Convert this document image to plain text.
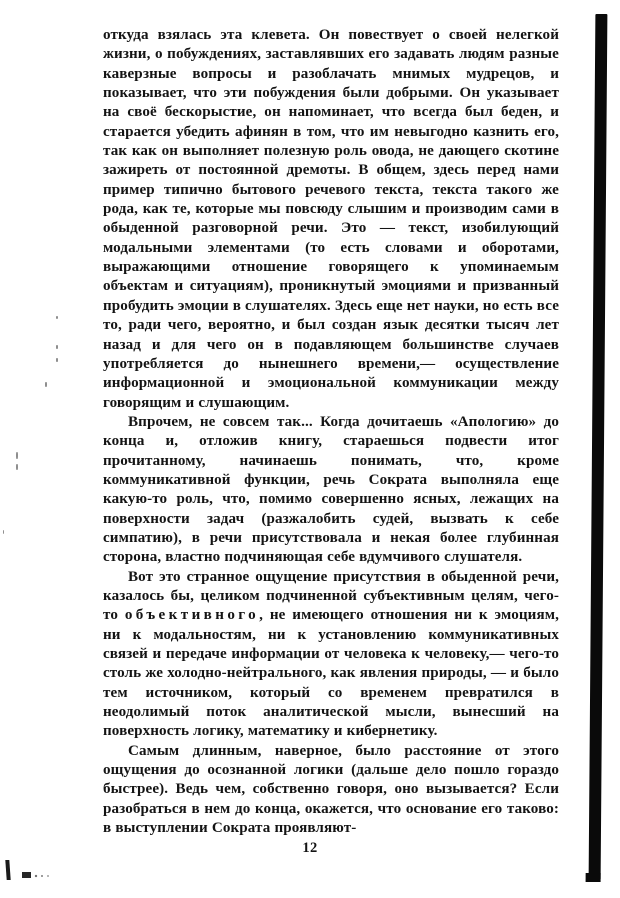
откуда взялась эта клевета. Он повествует о своей нелегкой жизни, о побуждениях, заставлявших его задавать людям разные каверзные вопросы и разоблачать мнимых мудрецов, и показывает, что эти побуждения были добрыми. Он указывает на своё бескорыстие, он напоминает, что всегда был беден, и старается убедить афинян в том, что им невыгодно казнить его, так как он выполняет полезную роль овода, не дающего скотине зажиреть от постоянной дремоты. В общем, здесь перед нами пример типично бытового речевого текста, текста такого же рода, как те, которые мы повсюду слышим и производим сами в обыденной разговорной речи. Это — текст, изобилующий модальными элементами (то есть словами и оборотами, выражающими отношение говорящего к упоминаемым объектам и ситуациям), проникнутый эмоциями и призванный пробудить эмоции в слушателях. Здесь еще нет науки, но есть все то, ради чего, вероятно, и был создан язык десятки тысяч лет назад и для чего он в подавляющем большинстве случаев употребляется до нынешнего времени,— осуществление информационной и эмоциональной коммуникации между говорящим и слушающим.

Впрочем, не совсем так... Когда дочитаешь «Апологию» до конца и, отложив книгу, стараешься подвести итог прочитанному, начинаешь понимать, что, кроме коммуникативной функции, речь Сократа выполняла еще какую-то роль, что, помимо совершенно ясных, лежащих на поверхности задач (разжалобить судей, вызвать к себе симпатию), в речи присутствовала и некая более глубинная сторона, властно подчиняющая себе вдумчивого слушателя.

Вот это странное ощущение присутствия в обыденной речи, казалось бы, целиком подчиненной субъективным целям, чего-то объективного, не имеющего отношения ни к эмоциям, ни к модальностям, ни к установлению коммуникативных связей и передаче информации от человека к человеку,— чего-то столь же холодно-нейтрального, как явления природы, — и было тем источником, который со временем превратился в неодолимый поток аналитической мысли, вынесший на поверхность логику, математику и кибернетику.

Самым длинным, наверное, было расстояние от этого ощущения до осознанной логики (дальше дело пошло гораздо быстрее). Ведь чем, собственно говоря, оно вызывается? Если разобраться в нем до конца, окажется, что основание его таково: в выступлении Сократа проявляют-

12
